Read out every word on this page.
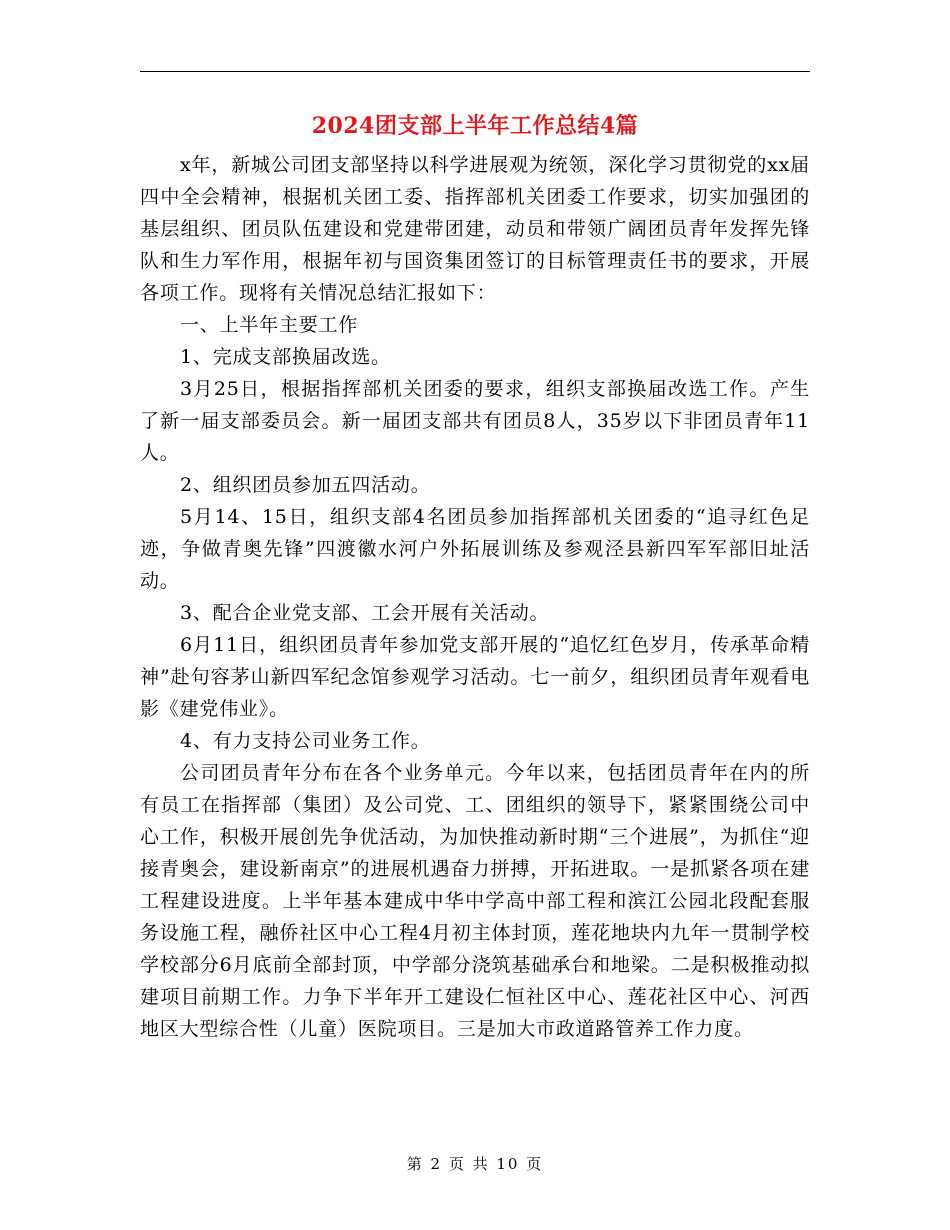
2024团支部上半年工作总结4篇

x年，新城公司团支部坚持以科学进展观为统领，深化学习贯彻党的xx届四中全会精神，根据机关团工委、指挥部机关团委工作要求，切实加强团的基层组织、团员队伍建设和党建带团建，动员和带领广阔团员青年发挥先锋队和生力军作用，根据年初与国资集团签订的目标管理责任书的要求，开展各项工作。现将有关情况总结汇报如下：

一、上半年主要工作

1、完成支部换届改选。

3月25日，根据指挥部机关团委的要求，组织支部换届改选工作。产生了新一届支部委员会。新一届团支部共有团员8人，35岁以下非团员青年11人。

2、组织团员参加五四活动。

5月14、15日，组织支部4名团员参加指挥部机关团委的“追寻红色足迹，争做青奥先锋”四渡徽水河户外拓展训练及参观泾县新四军军部旧址活动。

3、配合企业党支部、工会开展有关活动。

6月11日，组织团员青年参加党支部开展的“追忆红色岁月，传承革命精神”赴句容茅山新四军纪念馆参观学习活动。七一前夕，组织团员青年观看电影《建党伟业》。

4、有力支持公司业务工作。

公司团员青年分布在各个业务单元。今年以来，包括团员青年在内的所有员工在指挥部（集团）及公司党、工、团组织的领导下，紧紧围绕公司中心工作，积极开展创先争优活动，为加快推动新时期“三个进展”，为抓住“迎接青奥会，建设新南京”的进展机遇奋力拼搏，开拓进取。一是抓紧各项在建工程建设进度。上半年基本建成中华中学高中部工程和滨江公园北段配套服务设施工程，融侨社区中心工程4月初主体封顶，莲花地块内九年一贯制学校学校部分6月底前全部封顶，中学部分浇筑基础承台和地梁。二是积极推动拟建项目前期工作。力争下半年开工建设仁恒社区中心、莲花社区中心、河西地区大型综合性（儿童）医院项目。三是加大市政道路管养工作力度。

第 2 页 共 10 页
